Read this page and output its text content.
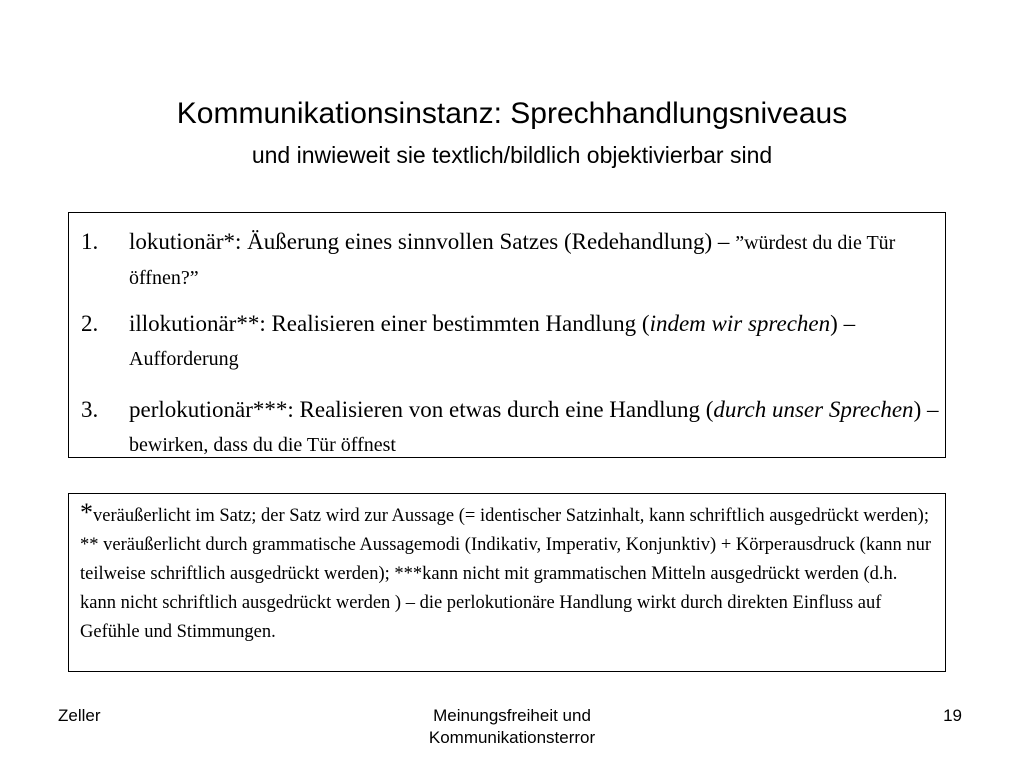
Kommunikationsinstanz: Sprechhandlungsniveaus
und inwieweit sie textlich/bildlich objektivierbar sind
1. lokutionär*: Äußerung eines sinnvollen Satzes (Redehandlung) – ”würdest du die Tür öffnen?”
2. illokutionär**: Realisieren einer bestimmten Handlung (indem wir sprechen) – Aufforderung
3. perlokutionär***: Realisieren von etwas durch eine Handlung (durch unser Sprechen) – bewirken, dass du die Tür öffnest
*veräußerlicht im Satz; der Satz wird zur Aussage (= identischer Satzinhalt, kann schriftlich ausgedrückt werden); ** veräußerlicht durch grammatische Aussagemodi (Indikativ, Imperativ, Konjunktiv) + Körperausdruck (kann nur teilweise schriftlich ausgedrückt werden); ***kann nicht mit grammatischen Mitteln ausgedrückt werden (d.h. kann nicht schriftlich ausgedrückt werden ) – die perlokutionäre Handlung wirkt durch direkten Einfluss auf Gefühle und Stimmungen.
Zeller	Meinungsfreiheit und
Kommunikationsterror
19
